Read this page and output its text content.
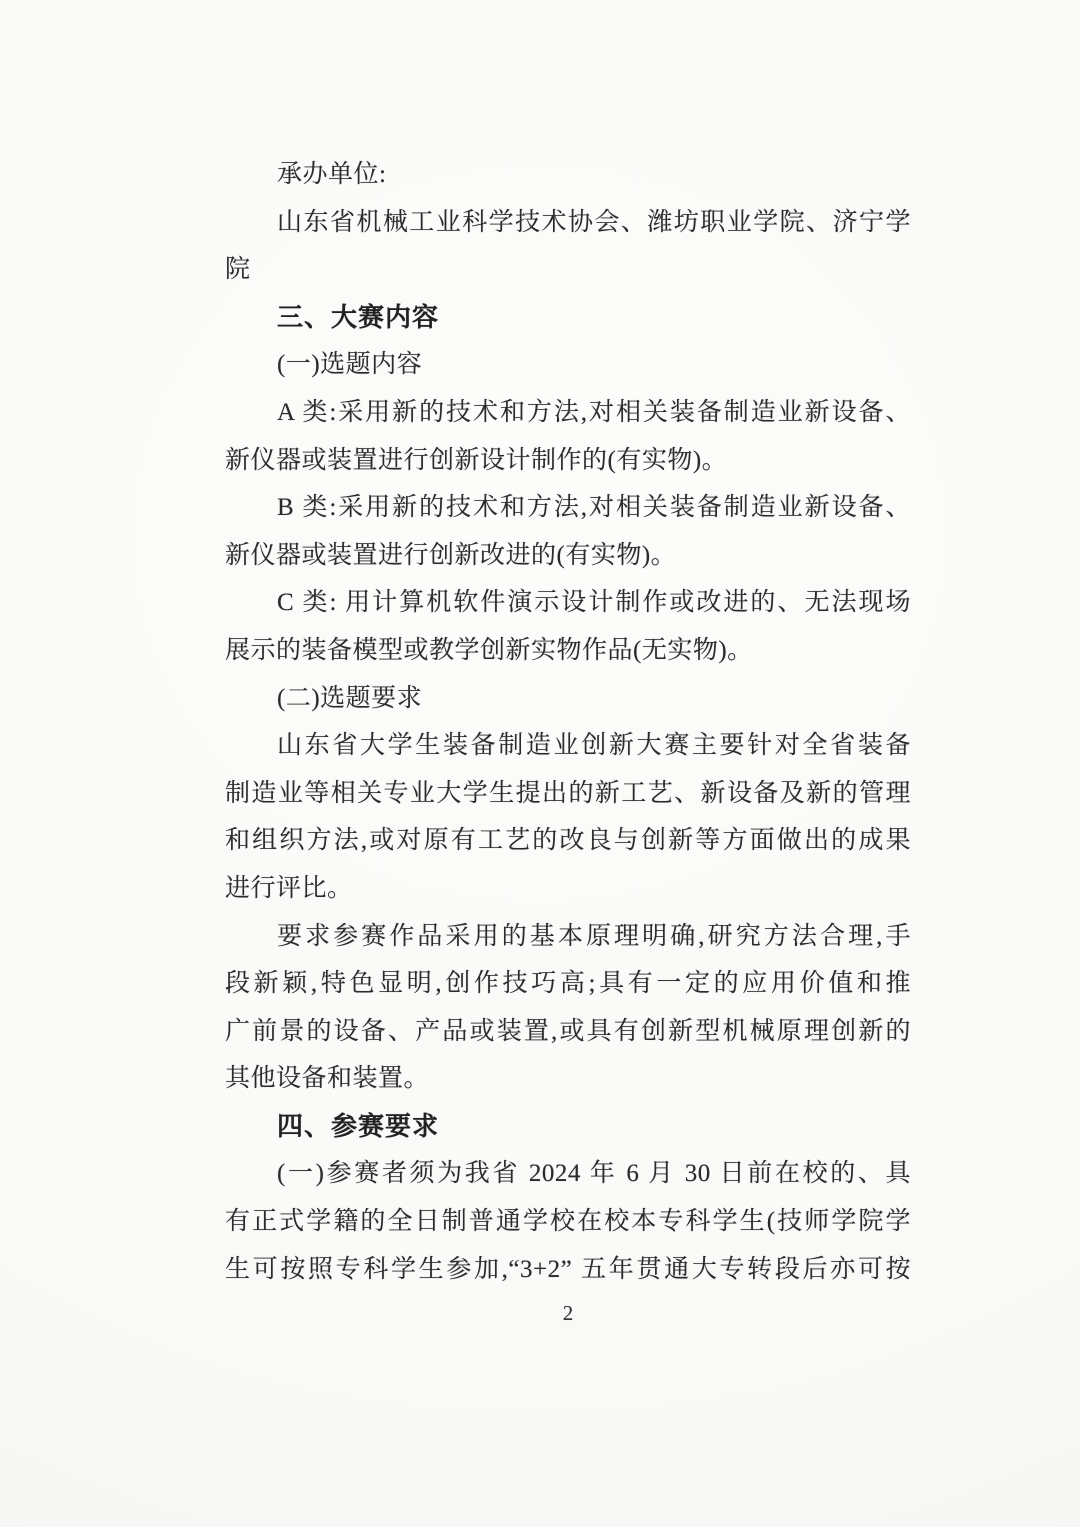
承办单位:
山东省机械工业科学技术协会、潍坊职业学院、济宁学
院
三、大赛内容
(一)选题内容
A 类:采用新的技术和方法,对相关装备制造业新设备、
新仪器或装置进行创新设计制作的(有实物)。
B 类:采用新的技术和方法,对相关装备制造业新设备、
新仪器或装置进行创新改进的(有实物)。
C 类: 用计算机软件演示设计制作或改进的、无法现场
展示的装备模型或教学创新实物作品(无实物)。
(二)选题要求
山东省大学生装备制造业创新大赛主要针对全省装备
制造业等相关专业大学生提出的新工艺、新设备及新的管理
和组织方法,或对原有工艺的改良与创新等方面做出的成果
进行评比。
要求参赛作品采用的基本原理明确,研究方法合理,手
段新颖,特色显明,创作技巧高;具有一定的应用价值和推
广前景的设备、产品或装置,或具有创新型机械原理创新的
其他设备和装置。
四、参赛要求
(一)参赛者须为我省 2024 年 6 月 30 日前在校的、具
有正式学籍的全日制普通学校在校本专科学生(技师学院学
生可按照专科学生参加,“3+2” 五年贯通大专转段后亦可按
2
